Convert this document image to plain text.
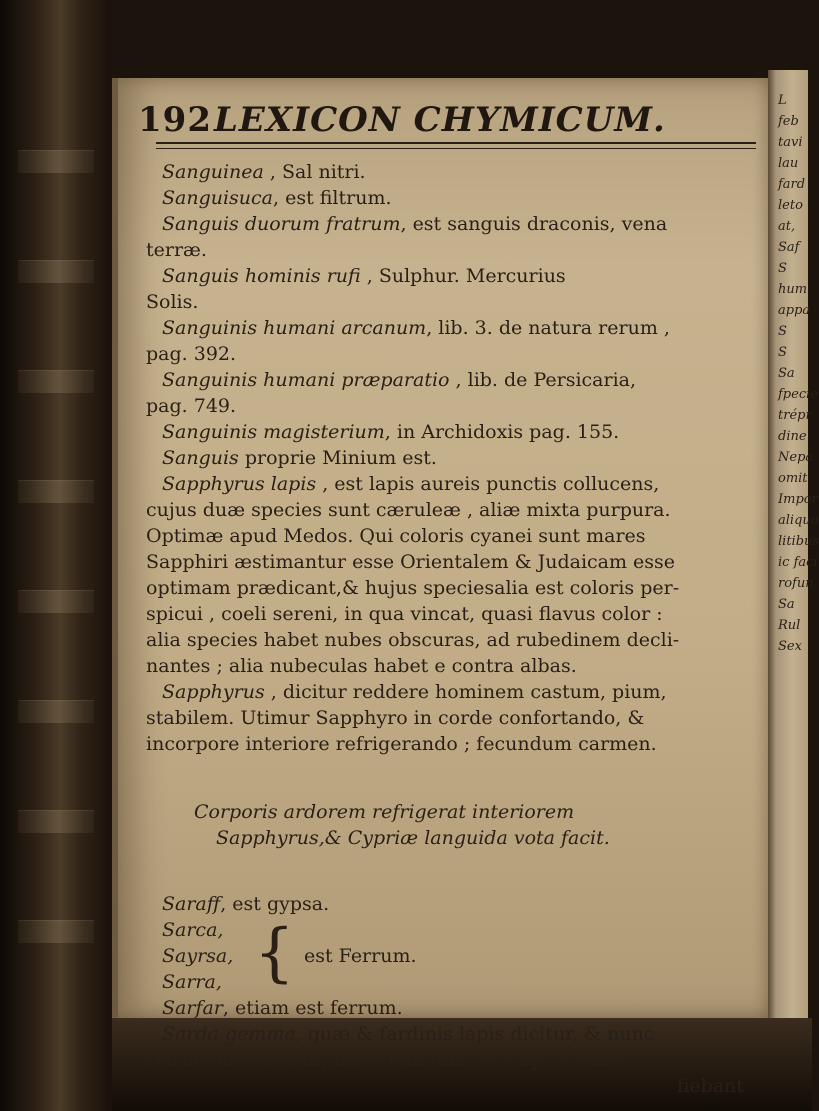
L
feb
tavi
lau
fard
leto
at,
Saf
S
hum
appa
S
S
Sa
fpecie
trépr
dine
Nepa
omit
Impor
aliquo
litibus
ic faci
rofun
Sa
Rul
Sex
192LEXICON CHYMICUM.

Sanguinea , Sal nitri.

Sanguisuca, est filtrum.

Sanguis duorum fratrum, est sanguis draconis, vena

terræ.

Sanguis hominis rufi , Sulphur. Mercurius

Solis.

Sanguinis humani arcanum, lib. 3. de natura rerum ,

pag. 392.

Sanguinis humani præparatio , lib. de Persicaria,

pag. 749.

Sanguinis magisterium, in Archidoxis pag. 155.

Sanguis proprie Minium est.

Sapphyrus lapis , est lapis aureis punctis collucens,

cujus duæ species sunt cæruleæ , aliæ mixta purpura.

Optimæ apud Medos. Qui coloris cyanei sunt mares

Sapphiri æstimantur esse Orientalem & Judaicam esse

optimam prædicant,& hujus speciesalia est coloris per-

spicui , coeli sereni, in qua vincat, quasi flavus color :

alia species habet nubes obscuras, ad rubedinem decli-

nantes ; alia nubeculas habet e contra albas.

Sapphyrus , dicitur reddere hominem castum, pium,

stabilem. Utimur Sapphyro in corde confortando, &

incorpore interiore refrigerando ; fecundum carmen.

Corporis ardorem refrigerat interiorem

Sapphyrus,& Cypriæ languida vota facit.

Saraff, est gypsa.

Sarca,
Sayrsa,
Sarra, { est Ferrum.

Sarfar, etiam est ferrum.

Sarda gemma, quæ & fardinis lapis dicitur, & nunc

Darneolus vocatur, teste Plin, lib. 37. cap. 7. olim

fiebant
